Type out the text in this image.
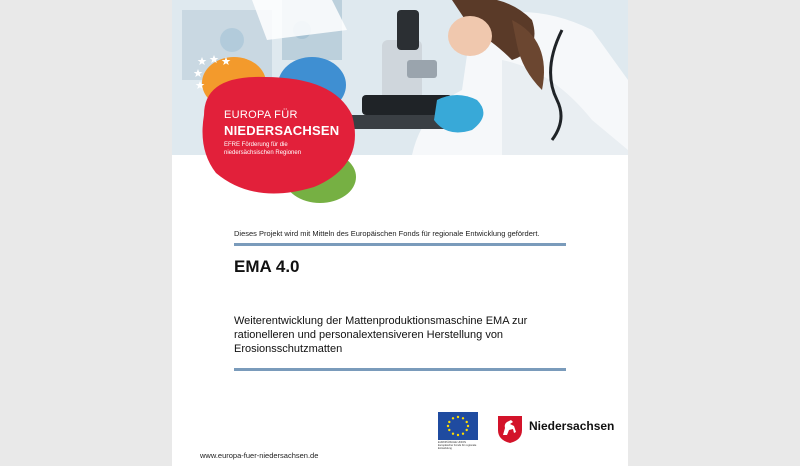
EUROPA FÜR
NIEDERSACHSEN
EFRE Förderung für die niedersächsischen Regionen
Dieses Projekt wird mit Mitteln des Europäischen Fonds für regionale Entwicklung gefördert.
EMA 4.0
Weiterentwicklung der Mattenproduktionsmaschine EMA zur rationelleren und personalextensiveren Herstellung von Erosionsschutzmatten
EUROPÄISCHE UNION Europäischer Fonds für regionale Entwicklung
Niedersachsen
www.europa-fuer-niedersachsen.de
